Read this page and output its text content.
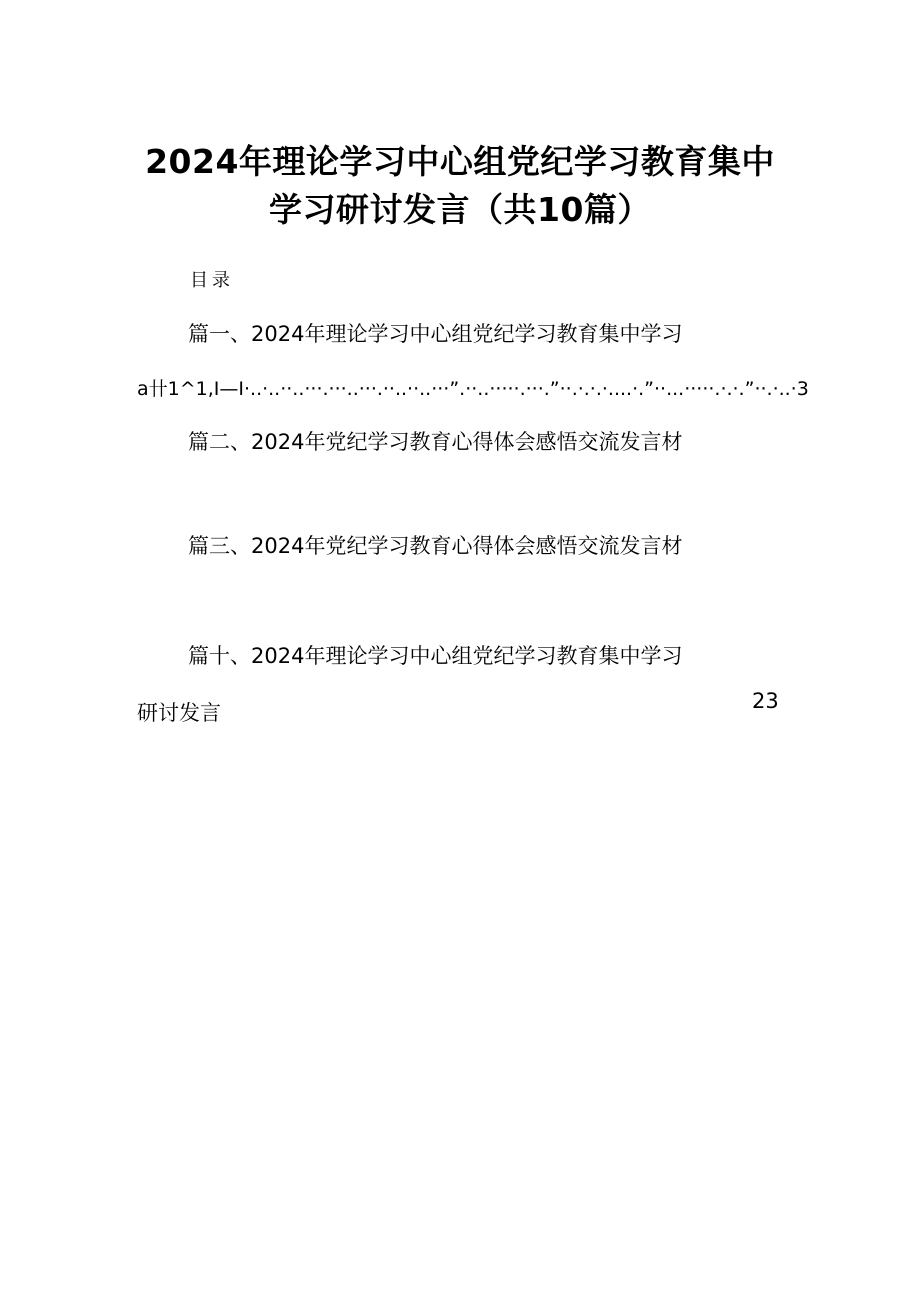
2024年理论学习中心组党纪学习教育集中
学习研讨发言（共10篇）
目录
篇一、2024年理论学习中心组党纪学习教育集中学习
a卄1^1,I—I·..·..··..···.···..···.··..··..···”.··..·····.···.”··.·.·.·....·.”··...·····.·.·.”··.·..·3
篇二、2024年党纪学习教育心得体会感悟交流发言材
篇三、2024年党纪学习教育心得体会感悟交流发言材
篇十、2024年理论学习中心组党纪学习教育集中学习
研讨发言	23
